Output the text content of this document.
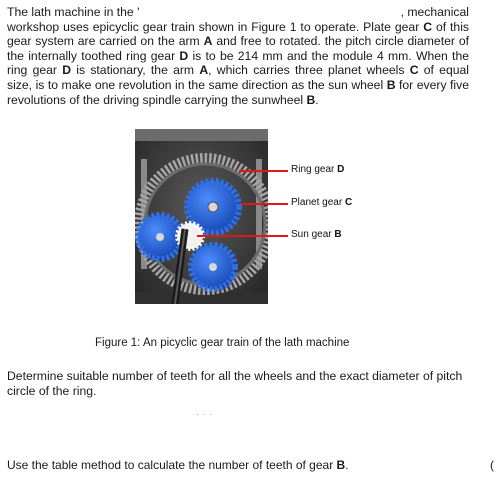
The lath machine in the '	, mechanical
workshop uses epicyclic gear train shown in Figure 1 to operate. Plate gear C of this gear system are carried on the arm A and free to rotated. the pitch circle diameter of the internally toothed ring gear D is to be 214 mm and the module 4 mm. When the ring gear D is stationary, the arm A, which carries three planet wheels C of equal size, is to make one revolution in the same direction as the sun wheel B for every five revolutions of the driving spindle carrying the sunwheel B.
Ring gear D
Planet gear C
Sun gear B
Figure 1: An picyclic gear train of the lath machine

Determine suitable number of teeth for all the wheels and the exact diameter of pitch circle of the ring.

· · ·
Use the table method to calculate the number of teeth of gear B.	(
